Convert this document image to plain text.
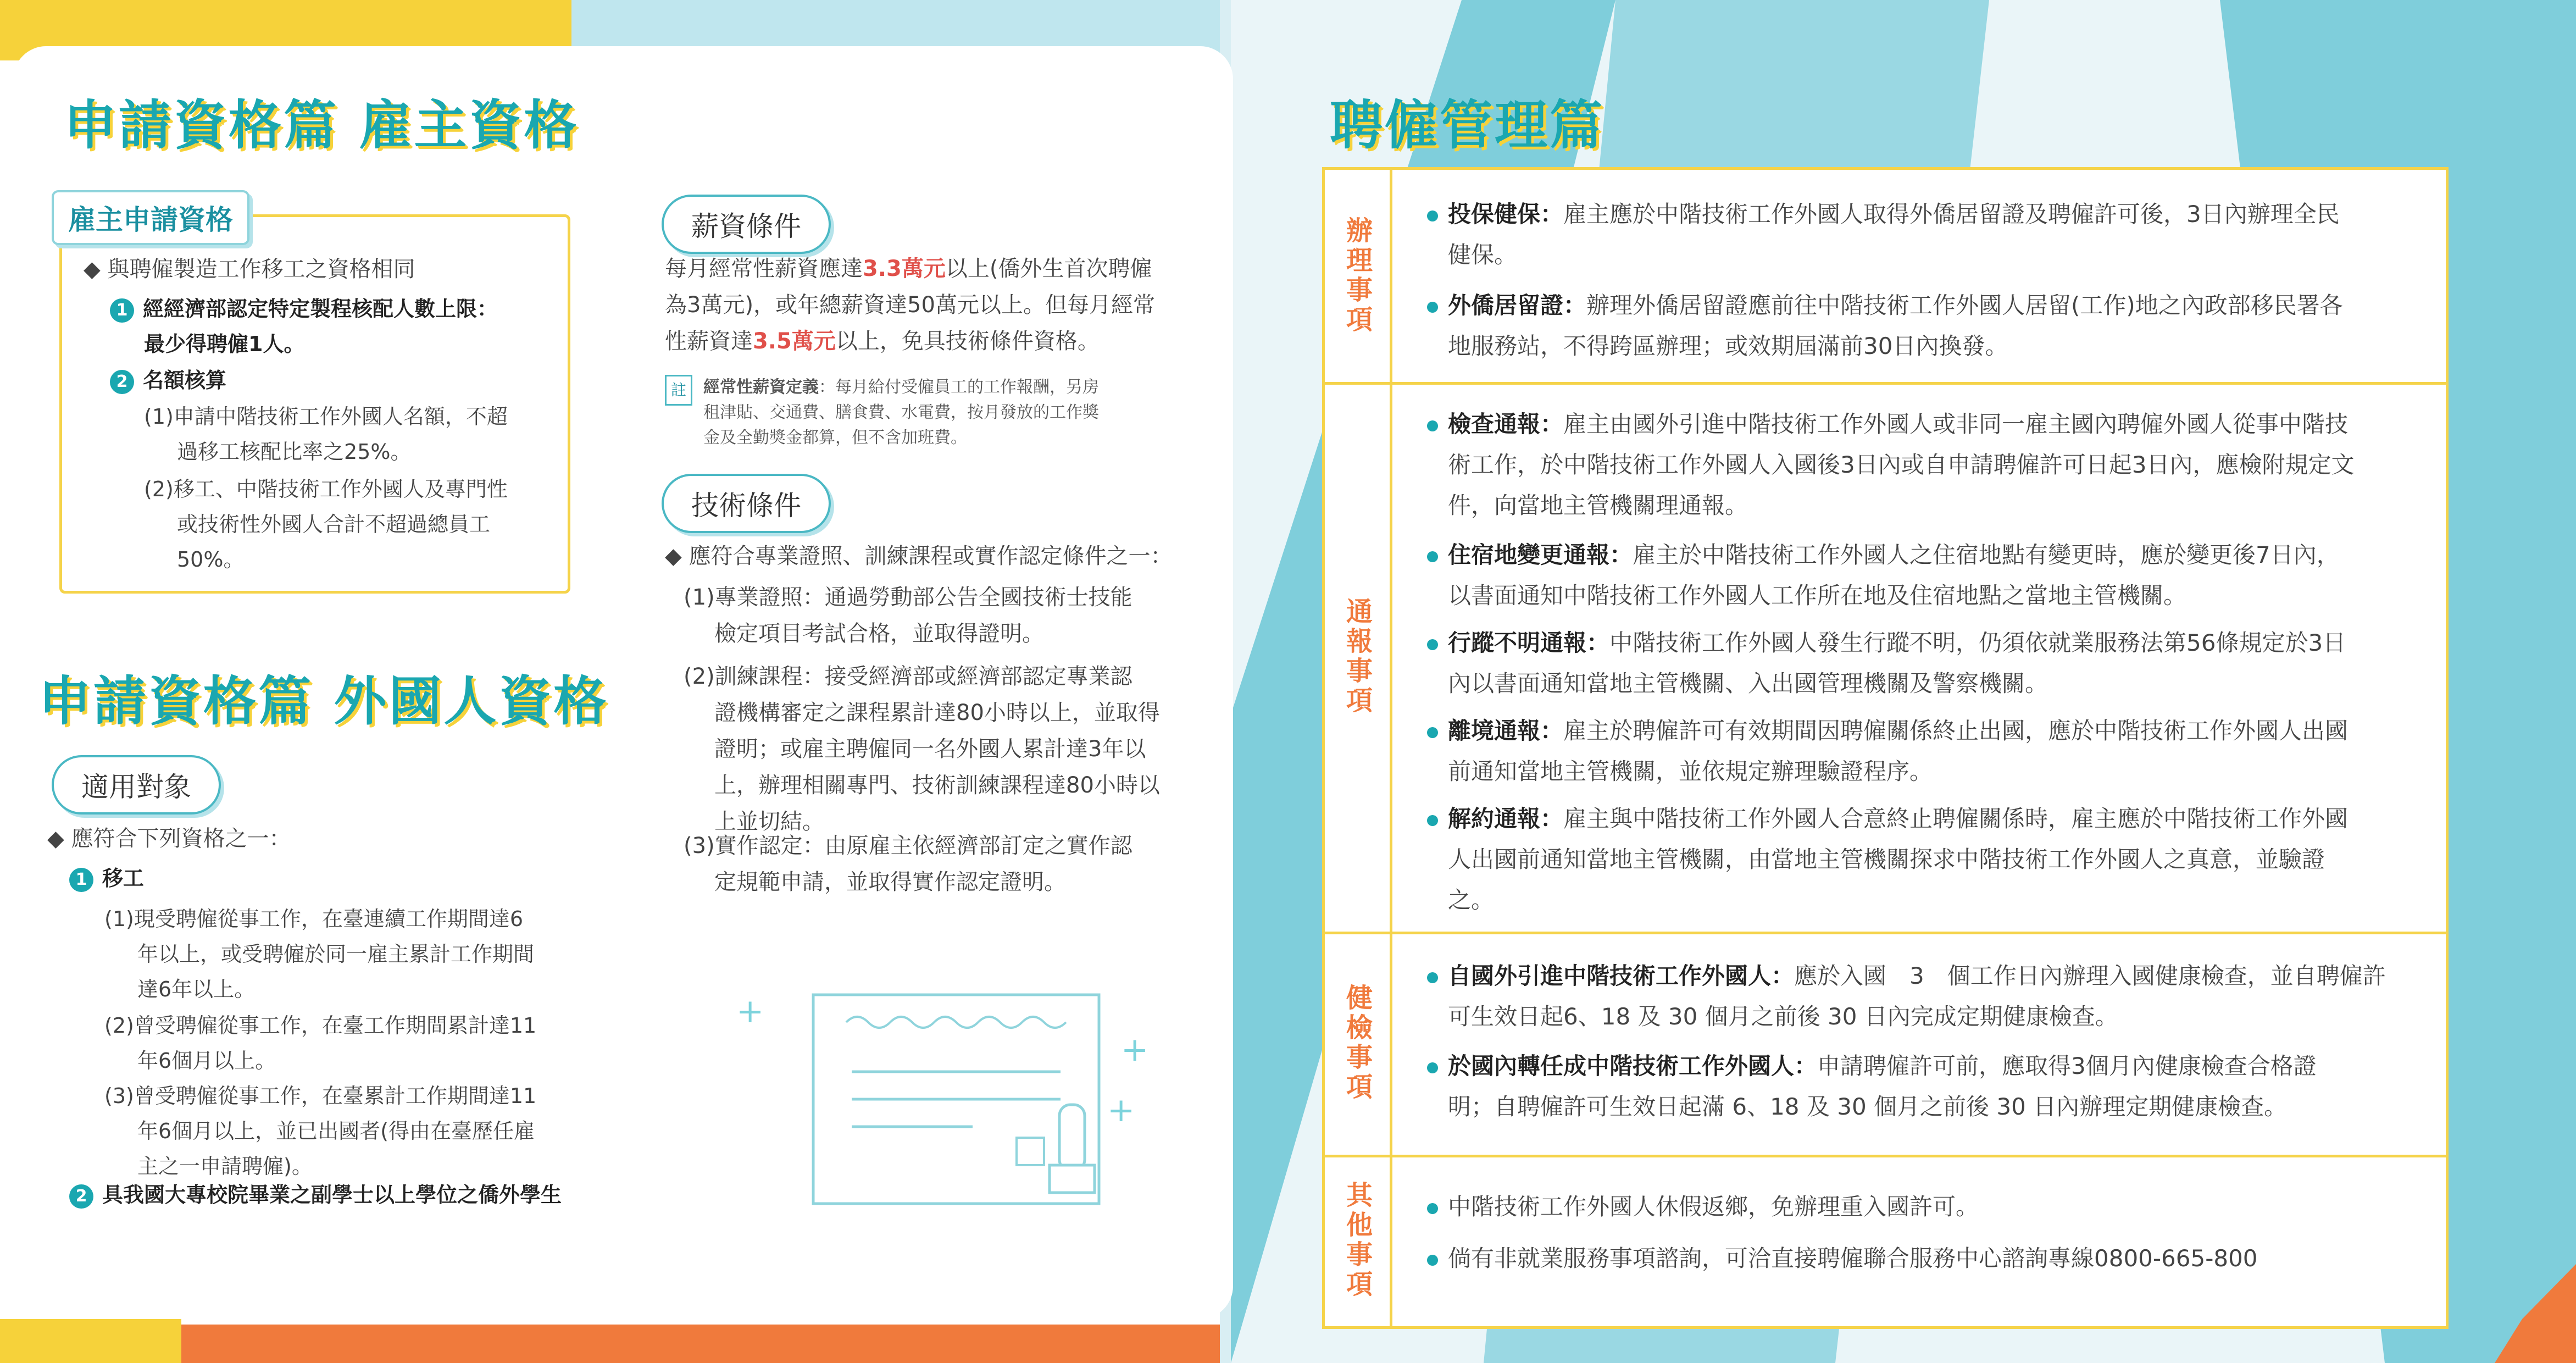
申請資格篇 雇主資格
雇主申請資格
◆ 與聘僱製造工作移工之資格相同
1 經經濟部認定特定製程核配人數上限：
最少得聘僱1人。
2 名額核算
(1)申請中階技術工作外國人名額，不超
過移工核配比率之25%。
(2)移工、中階技術工作外國人及專門性
或技術性外國人合計不超過總員工
50%。
申請資格篇 外國人資格
適用對象
◆ 應符合下列資格之一：
1 移工
(1)現受聘僱從事工作，在臺連續工作期間達6
年以上，或受聘僱於同一雇主累計工作期間
達6年以上。
(2)曾受聘僱從事工作，在臺工作期間累計達11
年6個月以上。
(3)曾受聘僱從事工作，在臺累計工作期間達11
年6個月以上，並已出國者(得由在臺歷任雇
主之一申請聘僱)。
2 具我國大專校院畢業之副學士以上學位之僑外學生
薪資條件
每月經常性薪資應達3.3萬元以上(僑外生首次聘僱
為3萬元)，或年總薪資達50萬元以上。但每月經常
性薪資達3.5萬元以上，免具技術條件資格。
註 經常性薪資定義：每月給付受僱員工的工作報酬，另房
租津貼、交通費、膳食費、水電費，按月發放的工作獎
金及全勤獎金都算，但不含加班費。
技術條件
◆ 應符合專業證照、訓練課程或實作認定條件之一：
(1)專業證照：通過勞動部公告全國技術士技能
檢定項目考試合格，並取得證明。
(2)訓練課程：接受經濟部或經濟部認定專業認
證機構審定之課程累計達80小時以上，並取得
證明；或雇主聘僱同一名外國人累計達3年以
上，辦理相關專門、技術訓練課程達80小時以
上並切結。
(3)實作認定：由原雇主依經濟部訂定之實作認
定規範申請，並取得實作認定證明。
+
+
+
聘僱管理篇
辦理事項
投保健保：雇主應於中階技術工作外國人取得外僑居留證及聘僱許可後，3日內辦理全民
健保。
外僑居留證：辦理外僑居留證應前往中階技術工作外國人居留(工作)地之內政部移民署各
地服務站，不得跨區辦理；或效期屆滿前30日內換發。
通報事項
檢查通報：雇主由國外引進中階技術工作外國人或非同一雇主國內聘僱外國人從事中階技
術工作，於中階技術工作外國人入國後3日內或自申請聘僱許可日起3日內，應檢附規定文
件，向當地主管機關理通報。
住宿地變更通報：雇主於中階技術工作外國人之住宿地點有變更時，應於變更後7日內，
以書面通知中階技術工作外國人工作所在地及住宿地點之當地主管機關。
行蹤不明通報：中階技術工作外國人發生行蹤不明，仍須依就業服務法第56條規定於3日
內以書面通知當地主管機關、入出國管理機關及警察機關。
離境通報：雇主於聘僱許可有效期間因聘僱關係終止出國，應於中階技術工作外國人出國
前通知當地主管機關，並依規定辦理驗證程序。
解約通報：雇主與中階技術工作外國人合意終止聘僱關係時，雇主應於中階技術工作外國
人出國前通知當地主管機關，由當地主管機關探求中階技術工作外國人之真意，並驗證
之。
健檢事項
自國外引進中階技術工作外國人：應於入國　3　個工作日內辦理入國健康檢查，並自聘僱許
可生效日起6、18 及 30 個月之前後 30 日內完成定期健康檢查。
於國內轉任成中階技術工作外國人：申請聘僱許可前，應取得3個月內健康檢查合格證
明；自聘僱許可生效日起滿 6、18 及 30 個月之前後 30 日內辦理定期健康檢查。
其他事項	中階技術工作外國人休假返鄉，免辦理重入國許可。
倘有非就業服務事項諮詢，可洽直接聘僱聯合服務中心諮詢專線0800-665-800
